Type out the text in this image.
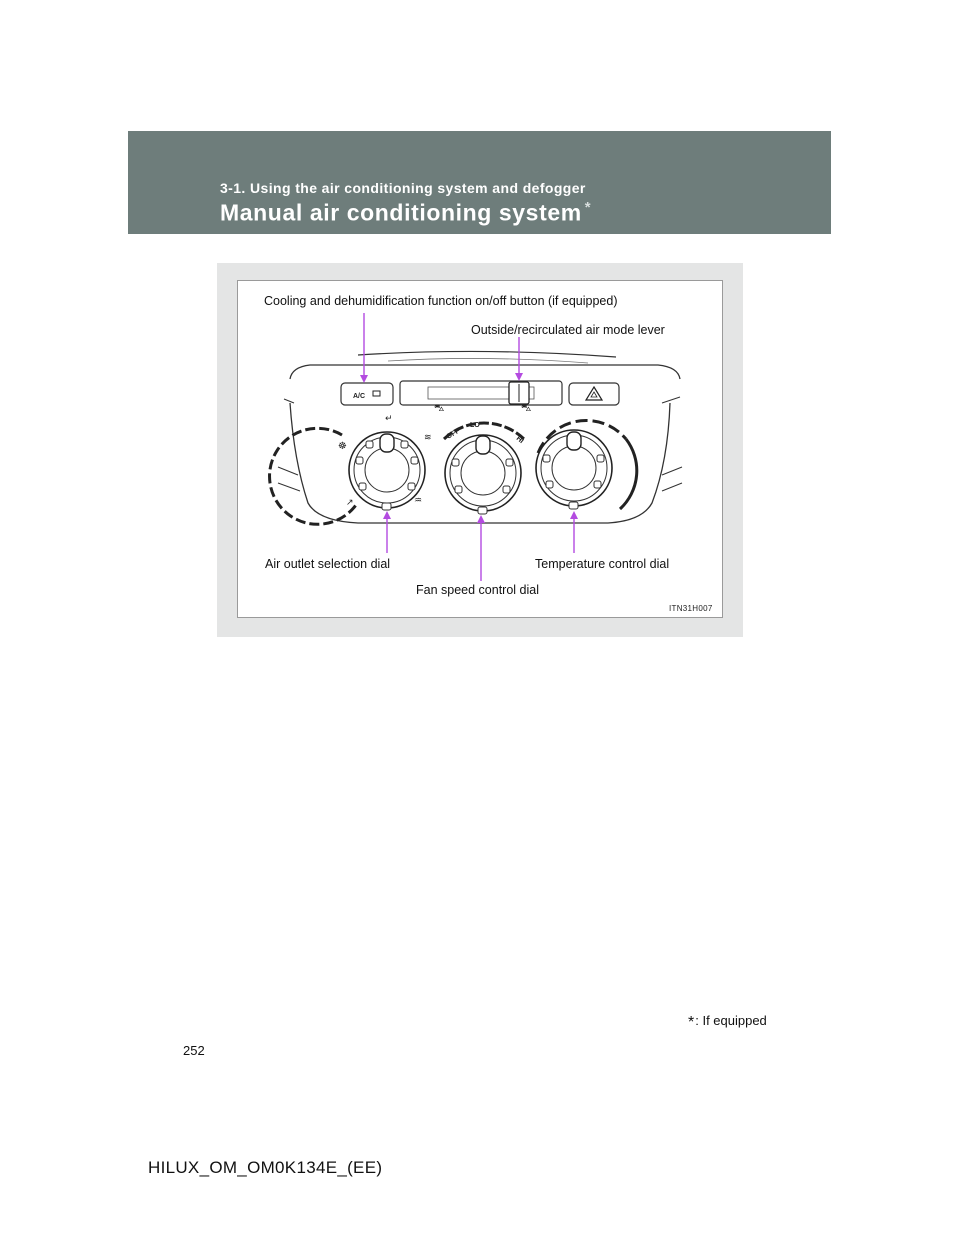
3-1. Using the air conditioning system and defogger
Manual air conditioning system *
A/C
☸
↵
≋
↗	♒
OFF
LO
HI
⛍	⛍
Cooling and dehumidification function on/off button (if equipped)
Outside/recirculated air mode lever
Air outlet selection dial	Temperature control dial
Fan speed control dial
ITN31H007
*: If equipped
252
HILUX_OM_OM0K134E_(EE)
